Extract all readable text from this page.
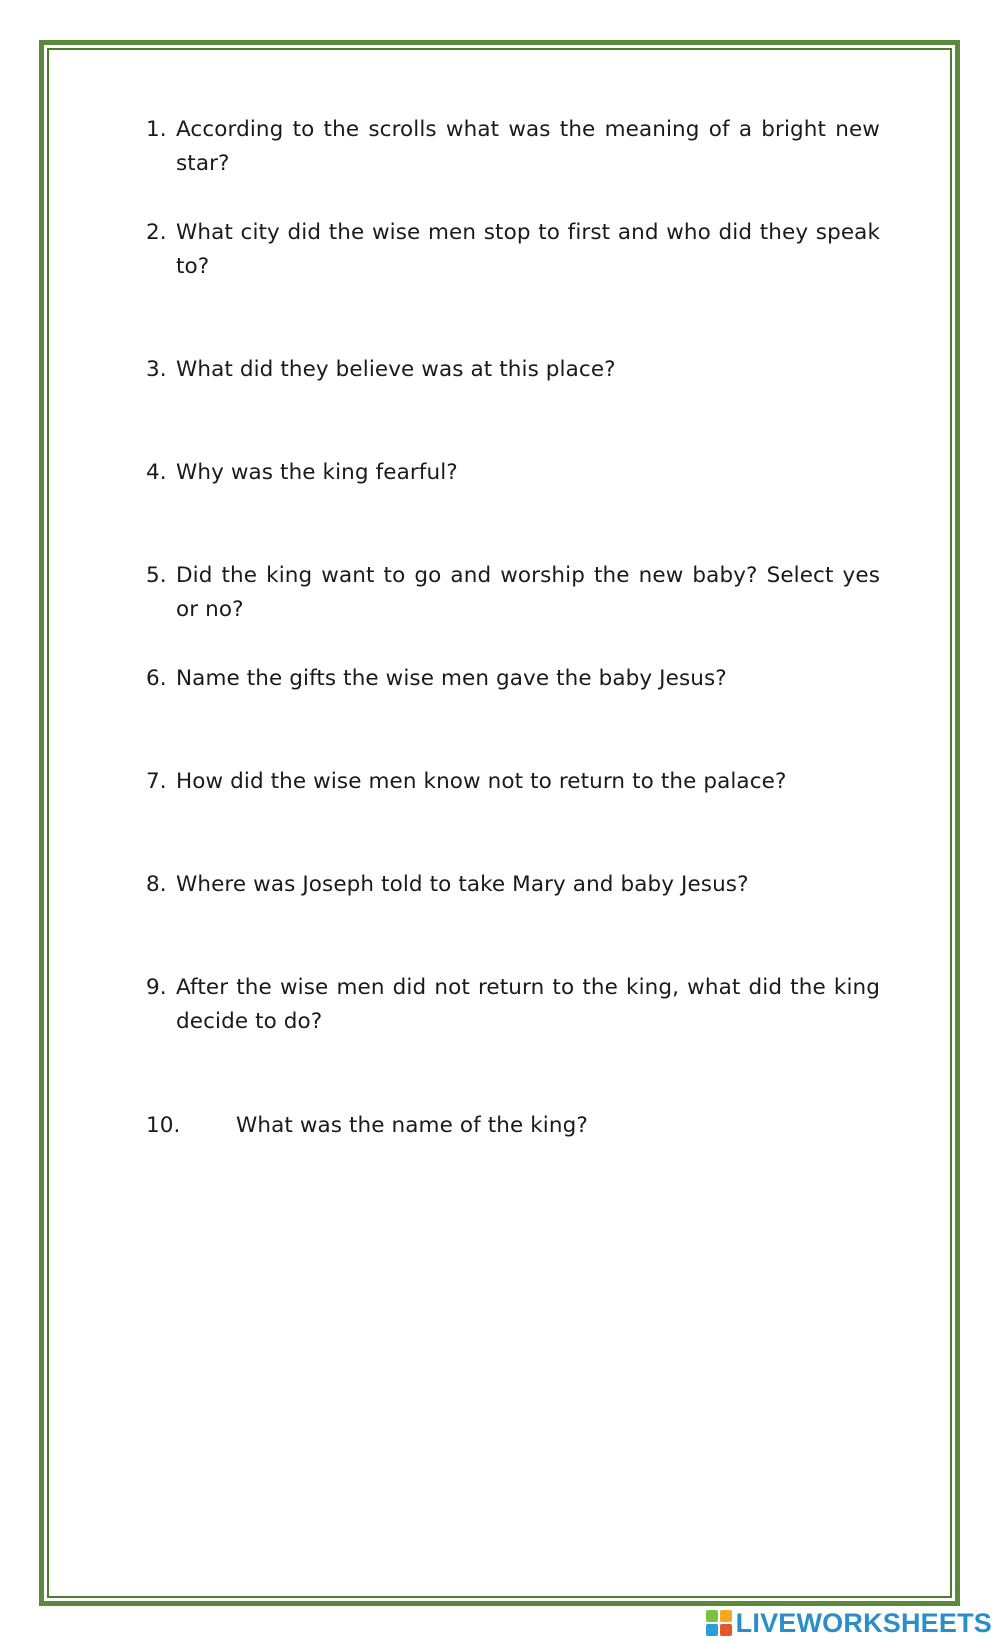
1. According to the scrolls what was the meaning of a bright new star?
2. What city did the wise men stop to first and who did they speak to?
3. What did they believe was at this place?
4. Why was the king fearful?
5. Did the king want to go and worship the new baby? Select yes or no?
6. Name the gifts the wise men gave the baby Jesus?
7. How did the wise men know not to return to the palace?
8. Where was Joseph told to take Mary and baby Jesus?
9. After the wise men did not return to the king, what did the king decide to do?
10.	What was the name of the king?
LIVEWORKSHEETS
